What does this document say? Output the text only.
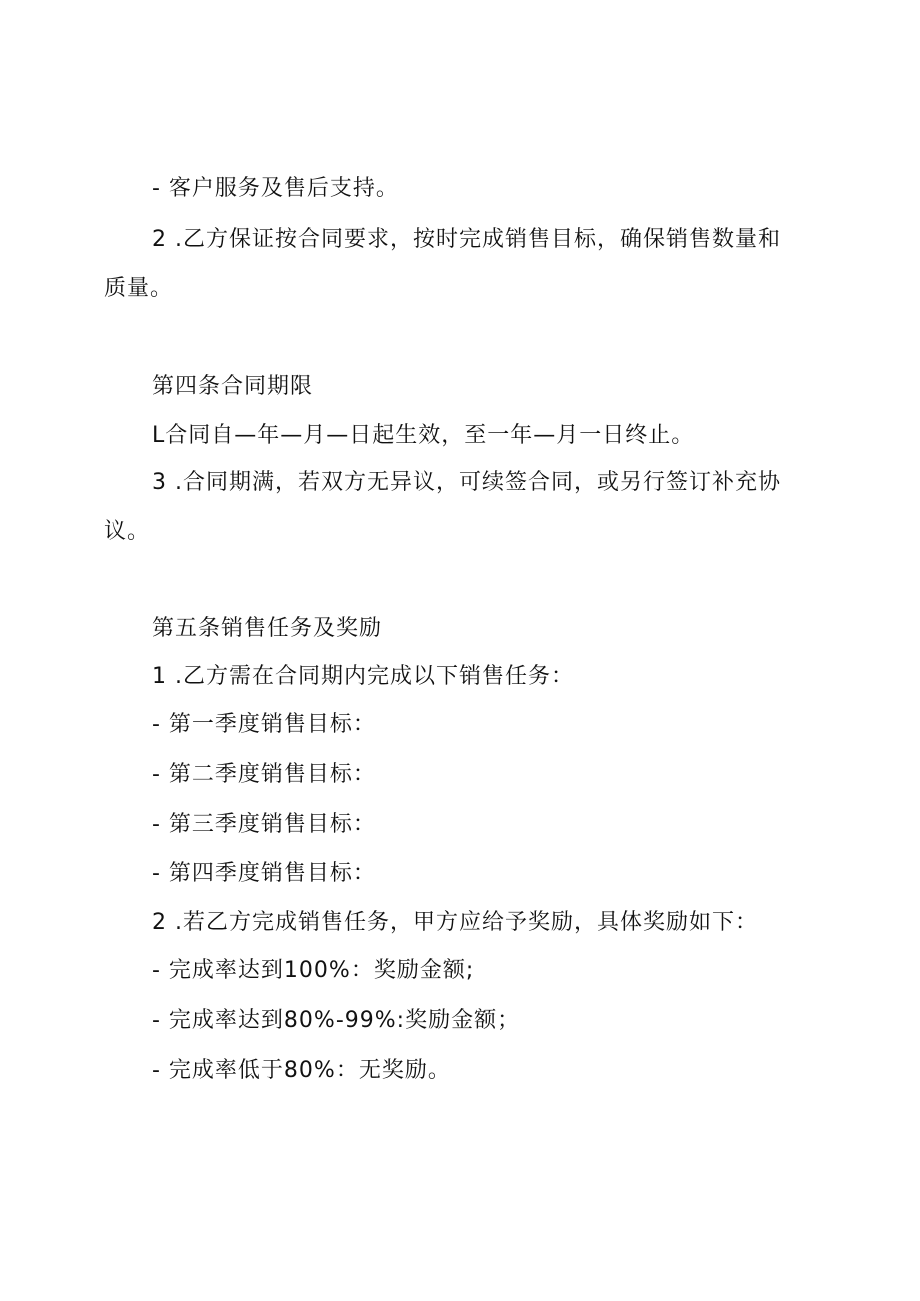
- 客户服务及售后支持。
2 .乙方保证按合同要求，按时完成销售目标，确保销售数量和
质量。
第四条合同期限
L合同自—年—月—日起生效，至一年—月一日终止。
3 .合同期满，若双方无异议，可续签合同，或另行签订补充协
议。
第五条销售任务及奖励
1 .乙方需在合同期内完成以下销售任务：
- 第一季度销售目标：
- 第二季度销售目标：
- 第三季度销售目标：
- 第四季度销售目标：
2 .若乙方完成销售任务，甲方应给予奖励，具体奖励如下：
- 完成率达到100%：奖励金额;
- 完成率达到80%-99%:奖励金额；
- 完成率低于80%：无奖励。
